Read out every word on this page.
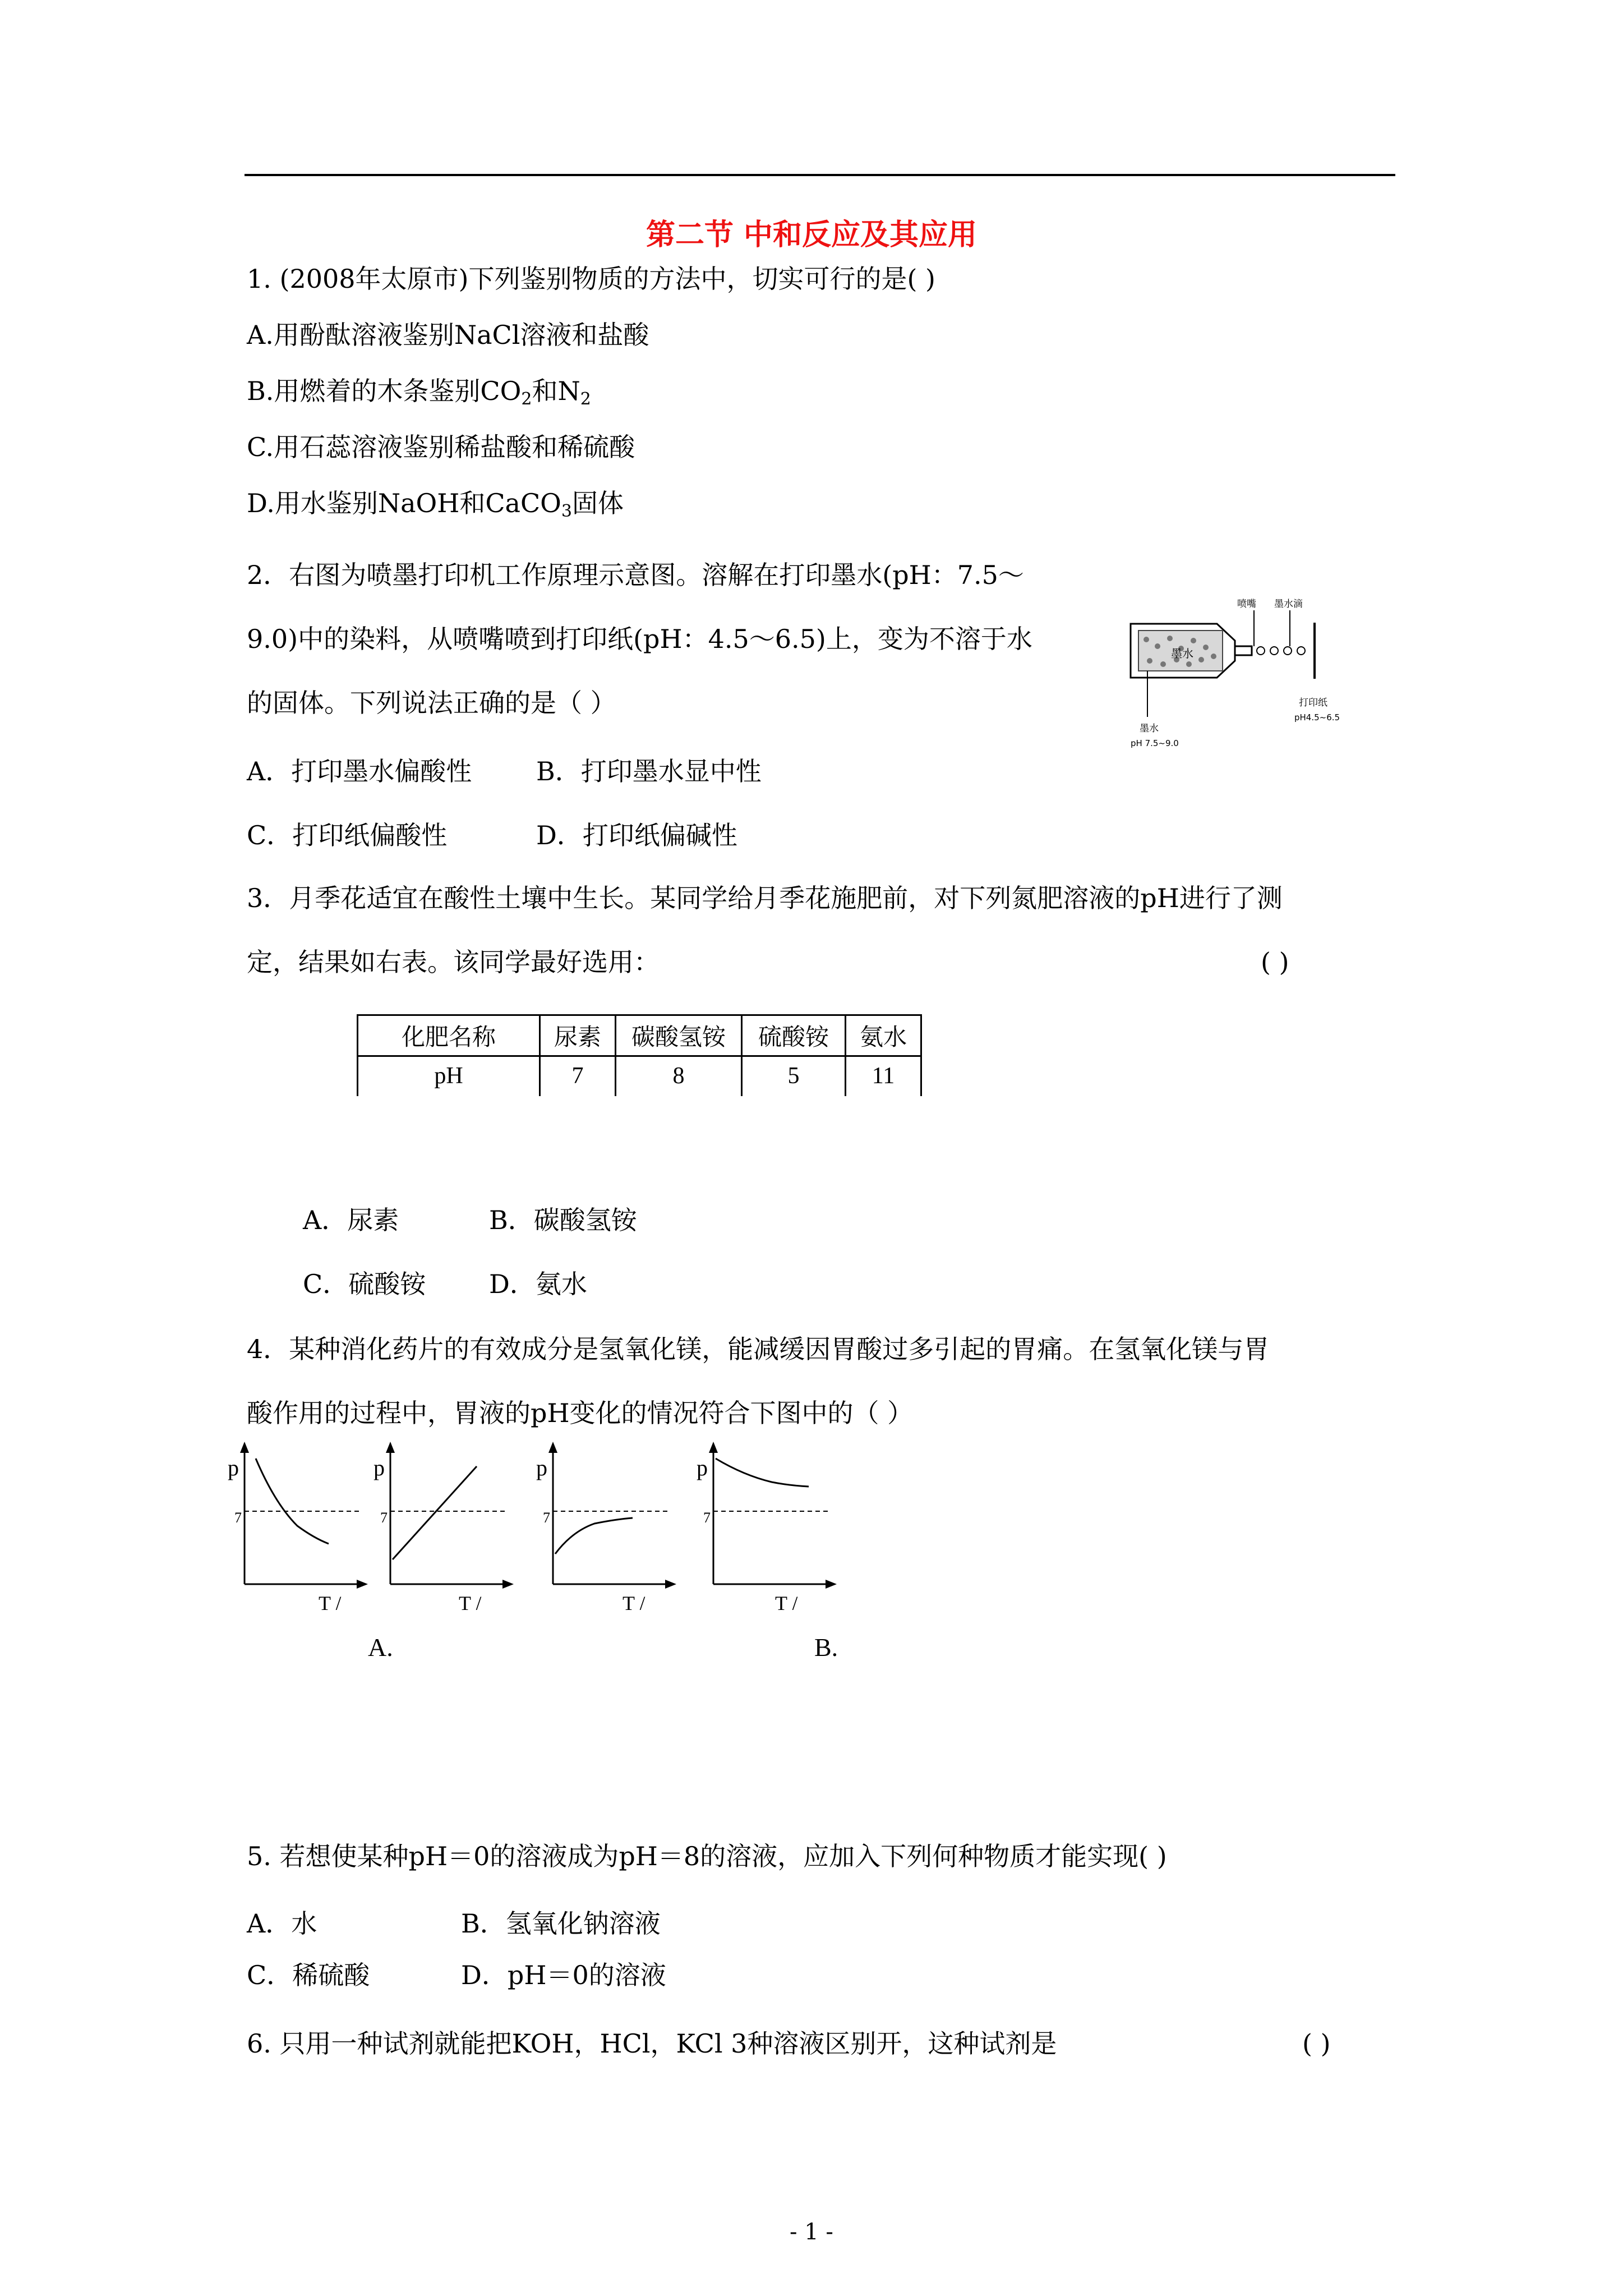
第二节 中和反应及其应用
1. (2008年太原市)下列鉴别物质的方法中，切实可行的是( )
A.用酚酞溶液鉴别NaCl溶液和盐酸
B.用燃着的木条鉴别$CO_2$和$N_2$
C.用石蕊溶液鉴别稀盐酸和稀硫酸
D.用水鉴别NaOH和CaCO$_3$固体
2．右图为喷墨打印机工作原理示意图。溶解在打印墨水(pH：7.5～
9.0)中的染料，从喷嘴喷到打印纸(pH：4.5～6.5)上，变为不溶于水
的固体。下列说法正确的是（ ）
墨水
喷嘴 墨水滴
墨水
pH 7.5~9.0
打印纸
pH4.5~6.5
A．打印墨水偏酸性 B．打印墨水显中性
C．打印纸偏酸性	D．打印纸偏碱性
3．月季花适宜在酸性土壤中生长。某同学给月季花施肥前，对下列氮肥溶液的pH进行了测
定，结果如右表。该同学最好选用：	( )
化肥名称	尿素	碳酸氢铵	硫酸铵	氨水
pH	7	8	5	11
A．尿素	B．碳酸氢铵
C．硫酸铵 D．氨水
4．某种消化药片的有效成分是氢氧化镁，能减缓因胃酸过多引起的胃痛。在氢氧化镁与胃
酸作用的过程中，胃液的pH变化的情况符合下图中的（ ）
p
7
T /
p
7
T /
p
7
T /
p
7
T /
A.	B.
5. 若想使某种pH＝0的溶液成为pH＝8的溶液，应加入下列何种物质才能实现( )
A．水	B．氢氧化钠溶液
C．稀硫酸	D．pH＝0的溶液
6. 只用一种试剂就能把KOH，HCl，KCl 3种溶液区别开，这种试剂是	( )
- 1 -
